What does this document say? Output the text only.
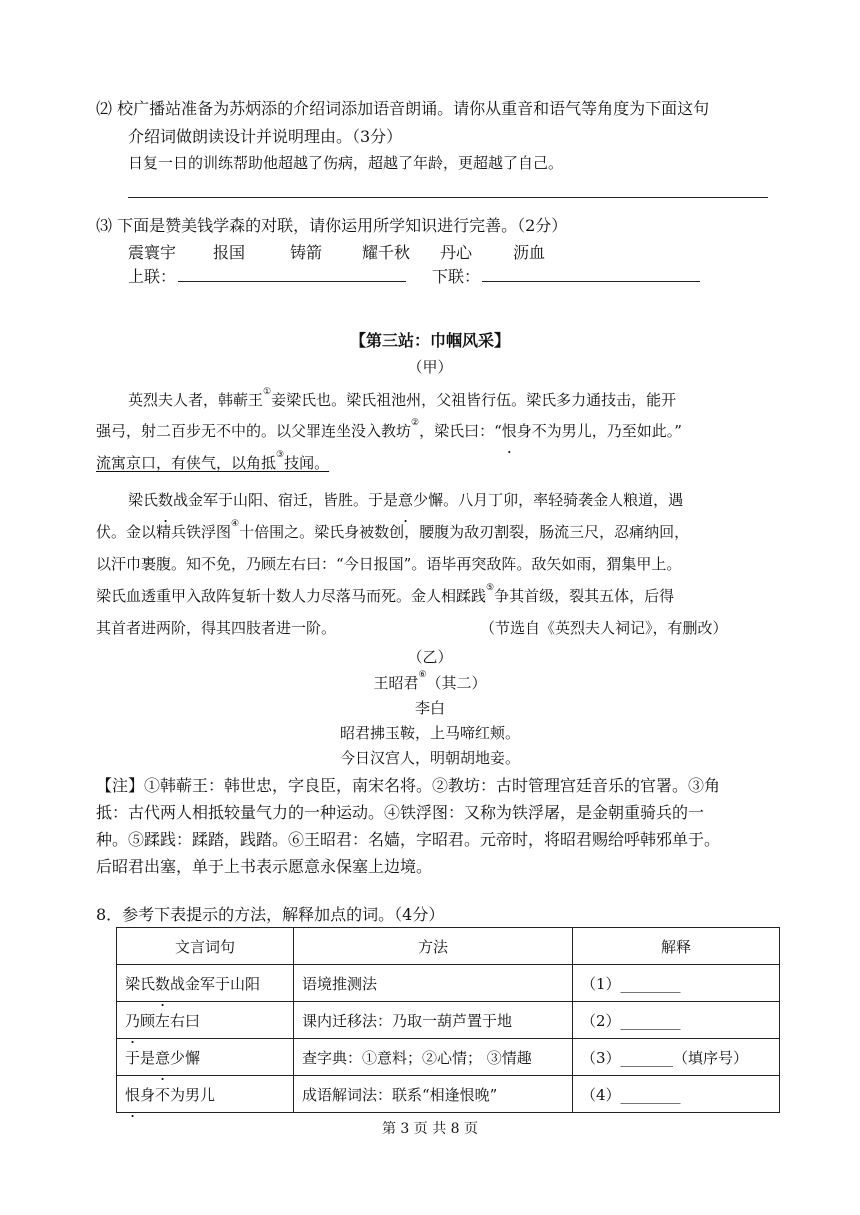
⑵ 校广播站准备为苏炳添的介绍词添加语音朗诵。请你从重音和语气等角度为下面这句
介绍词做朗读设计并说明理由。（3分）
日复一日的训练帮助他超越了伤病，超越了年龄，更超越了自己。
⑶ 下面是赞美钱学森的对联，请你运用所学知识进行完善。（2分）
震寰宇 报国	铸箭 耀千秋 丹心	沥血
上联：	下联：
【第三站：巾帼风采】
（甲）
英烈夫人者，韩蕲王①妾梁氏也。梁氏祖池州，父祖皆行伍。梁氏多力通技击，能开
强弓，射二百步无不中的。以父罪连坐没入教坊②，梁氏曰：“恨身不为男儿，乃至如此。”
流寓京口，有侠气，以角抵③技闻。
梁氏数战金军于山阳、宿迁，皆胜。于是意少懈。八月丁卯，率轻骑袭金人粮道，遇
伏。金以精兵铁浮图④十倍围之。梁氏身被数创，腰腹为敌刃割裂，肠流三尺，忍痛纳回，
以汗巾裹腹。知不免，乃顾左右曰：“今日报国”。语毕再突敌阵。敌矢如雨，猬集甲上。
梁氏血透重甲入敌阵复斩十数人力尽落马而死。金人相蹂践⑤争其首级，裂其五体，后得
其首者进两阶，得其四肢者进一阶。	（节选自《英烈夫人祠记》，有删改）
（乙）
王昭君⑥（其二）
李白
昭君拂玉鞍，上马啼红颊。
今日汉宫人，明朝胡地妾。
【注】①韩蕲王：韩世忠，字良臣，南宋名将。②教坊：古时管理宫廷音乐的官署。③角
抵：古代两人相抵较量气力的一种运动。④铁浮图：又称为铁浮屠，是金朝重骑兵的一
种。⑤蹂践：蹂踏，践踏。⑥王昭君：名嫱，字昭君。元帝时，将昭君赐给呼韩邪单于。
后昭君出塞，单于上书表示愿意永保塞上边境。
8．参考下表提示的方法，解释加点的词。（4分）
文言词句	方法	解释
梁氏数战金军于山阳	语境推测法	（1）________
乃顾左右曰	课内迁移法：乃取一葫芦置于地	（2）________
于是意少懈	查字典：①意料；②心情； ③情趣	（3）_______（填序号）
恨身不为男儿	成语解词法：联系“相逢恨晚”	（4）________
第 3 页 共 8 页
